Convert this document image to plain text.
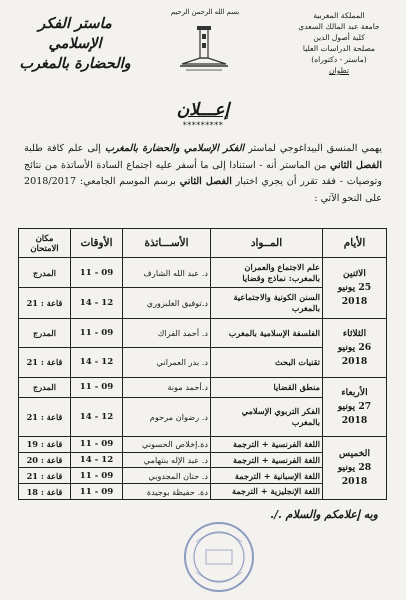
المملكة المغربية
جامعة عبد المالك السعدي
كلية أصول الدين
مصلحة الدراسات العليا
(ماستر - دكتوراه)
تطوان
بسم الله الرحمن الرحيم
ماستر الفكر الإسلامي
والحضارة بالمغرب
إعـــلان
*********
يهمي المنسق البيداغوجي لماستر الفكر الإسلامي والحضارة بالمغرب إلى علم كافة طلبة الفصل الثاني من الماستر أنه - استنادا إلى ما أسفر عليه اجتماع السادة الأساتذة من نتائج وتوصيات - فقد تقرر أن يجري اختبار الفصل الثاني برسم الموسم الجامعي: 2018/2017 على النحو الآتي :
الأيام	المــواد	الأســـاتذة	الأوقات	مكان الامتحان

الاثنين
25 يونيو 2018	علم الاجتماع والعمران بالمغرب: نماذج وقضايا	د. عبد الله الشارف	09 - 11	المدرج
	السنن الكونية والاجتماعية بالمغرب	د.توفيق الغلبزوري	12 - 14	قاعة : 21

الثلاثاء
26 يونيو 2018	الفلسفة الإسلامية بالمغرب	د. أحمد الفراك	09 - 11	المدرج
	تقنيات البحث	د. بدر العمراني	12 - 14	قاعة : 21

الأربعاء
27 يونيو 2018	منطق القضايا	د.أحمد مونة	09 - 11	المدرج
	الفكر التربوي الإسلامي بالمغرب	د. رضوان مرحوم	12 - 14	قاعة : 21

الخميس
28 يونيو 2018	اللغة الفرنسية + الترجمة	دة.إخلاص الحسوني	09 - 11	قاعة : 19
	اللغة الفرنسية + الترجمة	د. عبد الإله بنتهامي	12 - 14	قاعة : 20
	اللغة الإسبانية + الترجمة	د. حنان المجدوبي	09 - 11	قاعة : 21
	اللغة الإنجليزية + الترجمة	دة. حفيظة بوجيدة	09 - 11	قاعة : 18
وبه إعلامكم والسلام ./.
